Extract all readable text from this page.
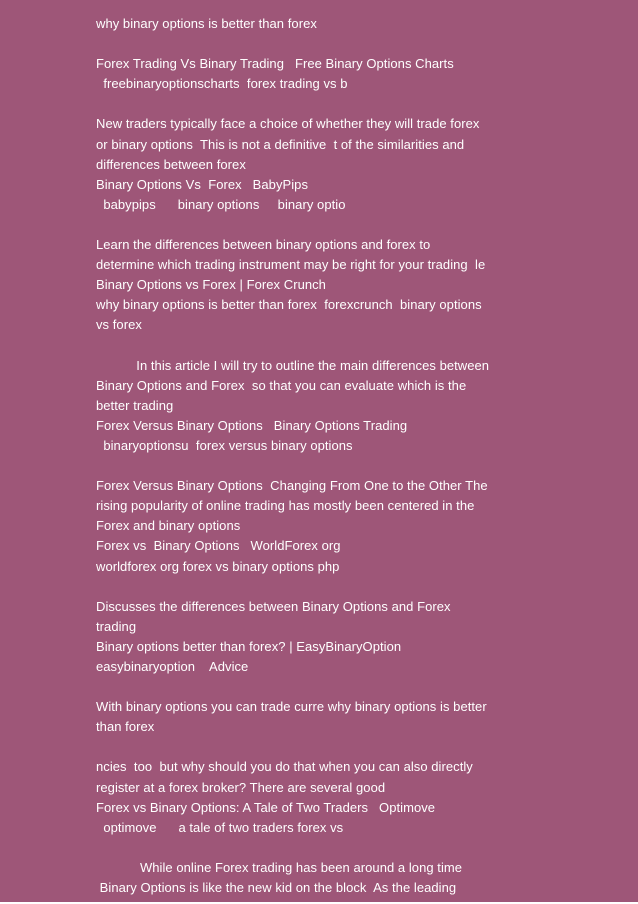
why binary options is better than forex
Forex Trading Vs Binary Trading   Free Binary Options Charts
freebinaryoptionscharts  forex trading vs b
New traders typically face a choice of whether they will trade forex
or binary options  This is not a definitive  t of the similarities and
differences between forex
Binary Options Vs  Forex   BabyPips
babypips      binary options     binary optio
Learn the differences between binary options and forex to
determine which trading instrument may be right for your trading  le
Binary Options vs Forex | Forex Crunch
why binary options is better than forex  forexcrunch  binary options
vs forex
In this article I will try to outline the main differences between
Binary Options and Forex  so that you can evaluate which is the
better trading
Forex Versus Binary Options   Binary Options Trading
binaryoptionsu  forex versus binary options
Forex Versus Binary Options  Changing From One to the Other The
rising popularity of online trading has mostly been centered in the
Forex and binary options
Forex vs  Binary Options   WorldForex org
worldforex org forex vs binary options php
Discusses the differences between Binary Options and Forex
trading
Binary options better than forex? | EasyBinaryOption
easybinaryoption    Advice
With binary options you can trade curre why binary options is better
than forex
ncies  too  but why should you do that when you can also directly
register at a forex broker? There are several good
Forex vs Binary Options: A Tale of Two Traders   Optimove
optimove      a tale of two traders forex vs
While online Forex trading has been around a long time
Binary Options is like the new kid on the block  As the leading
